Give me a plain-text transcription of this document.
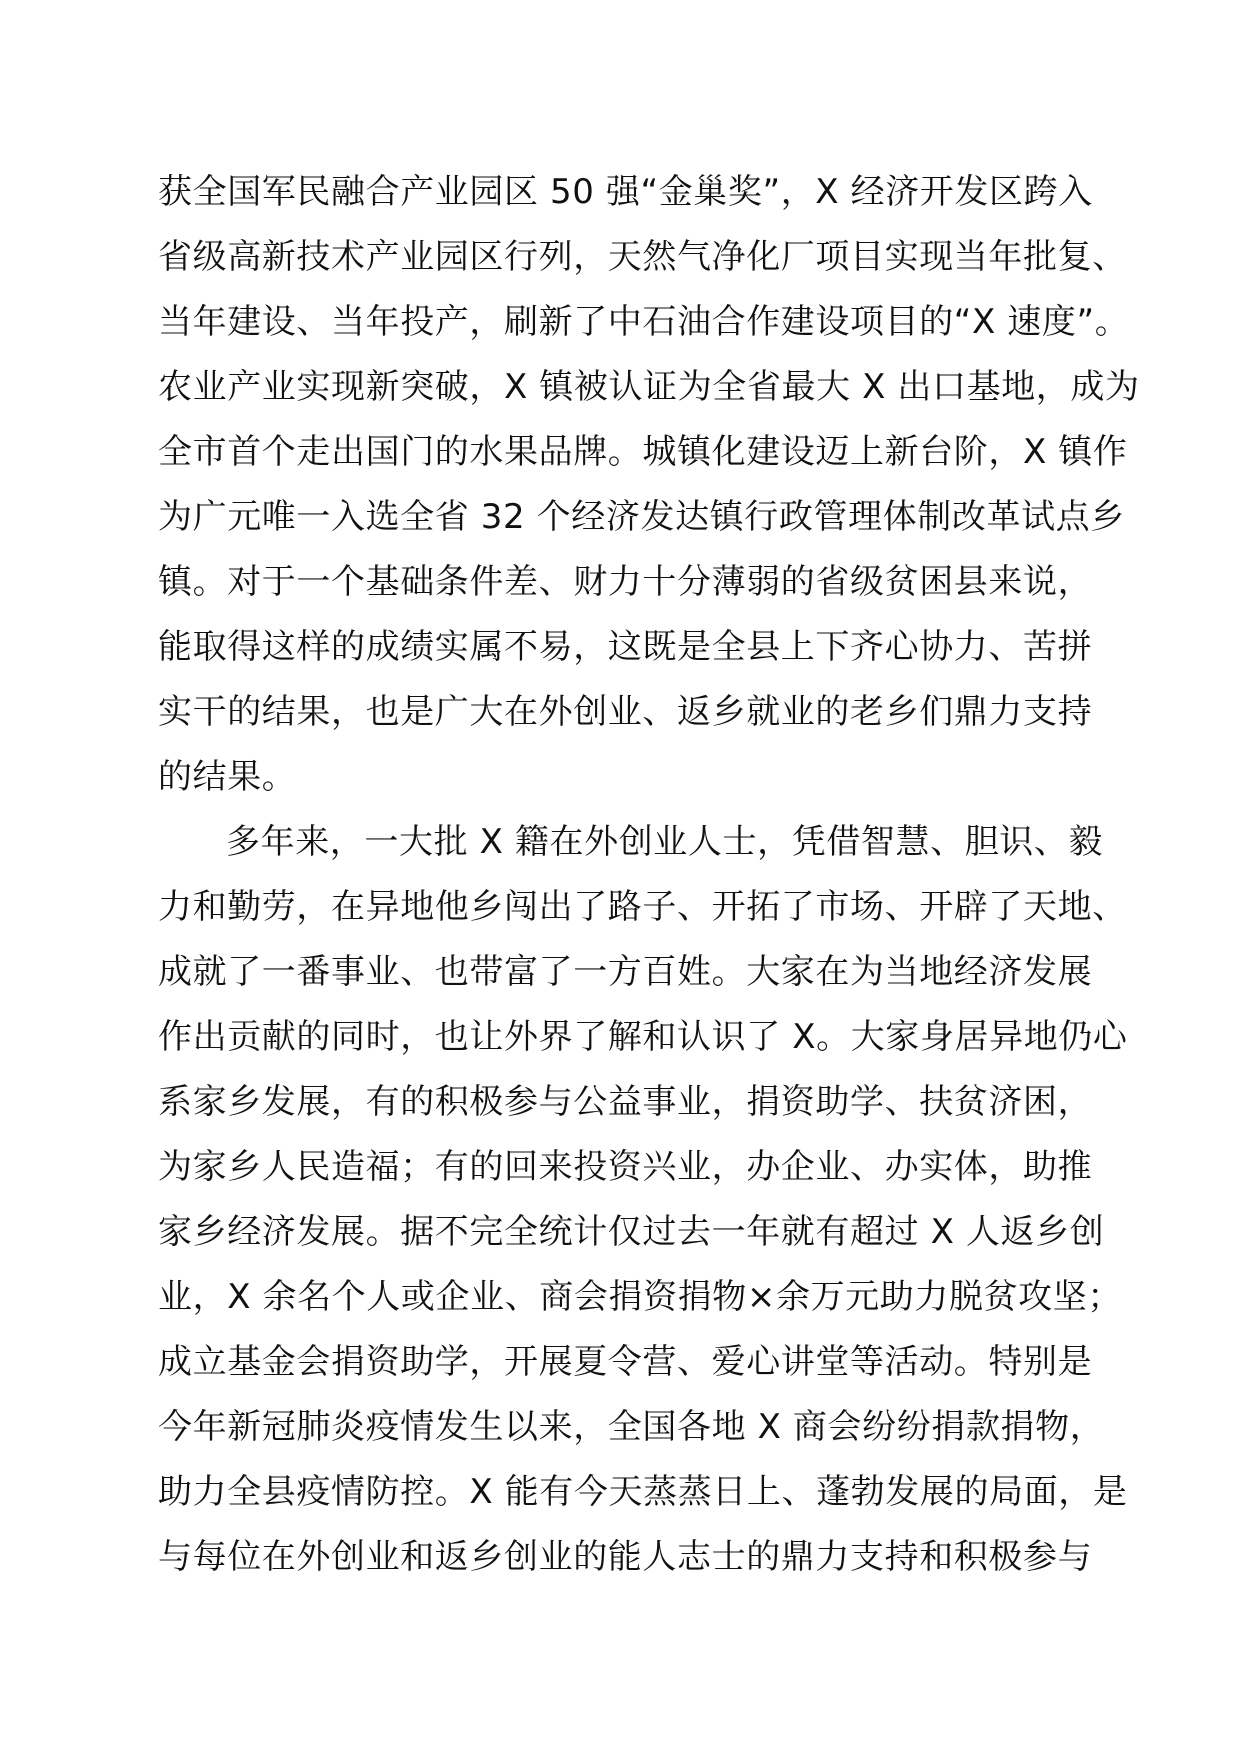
获全国军民融合产业园区 50 强“金巢奖”，X 经济开发区跨入
省级高新技术产业园区行列，天然气净化厂项目实现当年批复、
当年建设、当年投产，刷新了中石油合作建设项目的“X 速度”。
农业产业实现新突破，X 镇被认证为全省最大 X 出口基地，成为
全市首个走出国门的水果品牌。城镇化建设迈上新台阶，X 镇作
为广元唯一入选全省 32 个经济发达镇行政管理体制改革试点乡
镇。对于一个基础条件差、财力十分薄弱的省级贫困县来说，
能取得这样的成绩实属不易，这既是全县上下齐心协力、苦拼
实干的结果，也是广大在外创业、返乡就业的老乡们鼎力支持
的结果。
多年来，一大批 X 籍在外创业人士，凭借智慧、胆识、毅
力和勤劳，在异地他乡闯出了路子、开拓了市场、开辟了天地、
成就了一番事业、也带富了一方百姓。大家在为当地经济发展
作出贡献的同时，也让外界了解和认识了 X。大家身居异地仍心
系家乡发展，有的积极参与公益事业，捐资助学、扶贫济困，
为家乡人民造福；有的回来投资兴业，办企业、办实体，助推
家乡经济发展。据不完全统计仅过去一年就有超过 X 人返乡创
业，X 余名个人或企业、商会捐资捐物×余万元助力脱贫攻坚；
成立基金会捐资助学，开展夏令营、爱心讲堂等活动。特别是
今年新冠肺炎疫情发生以来，全国各地 X 商会纷纷捐款捐物，
助力全县疫情防控。X 能有今天蒸蒸日上、蓬勃发展的局面，是
与每位在外创业和返乡创业的能人志士的鼎力支持和积极参与
